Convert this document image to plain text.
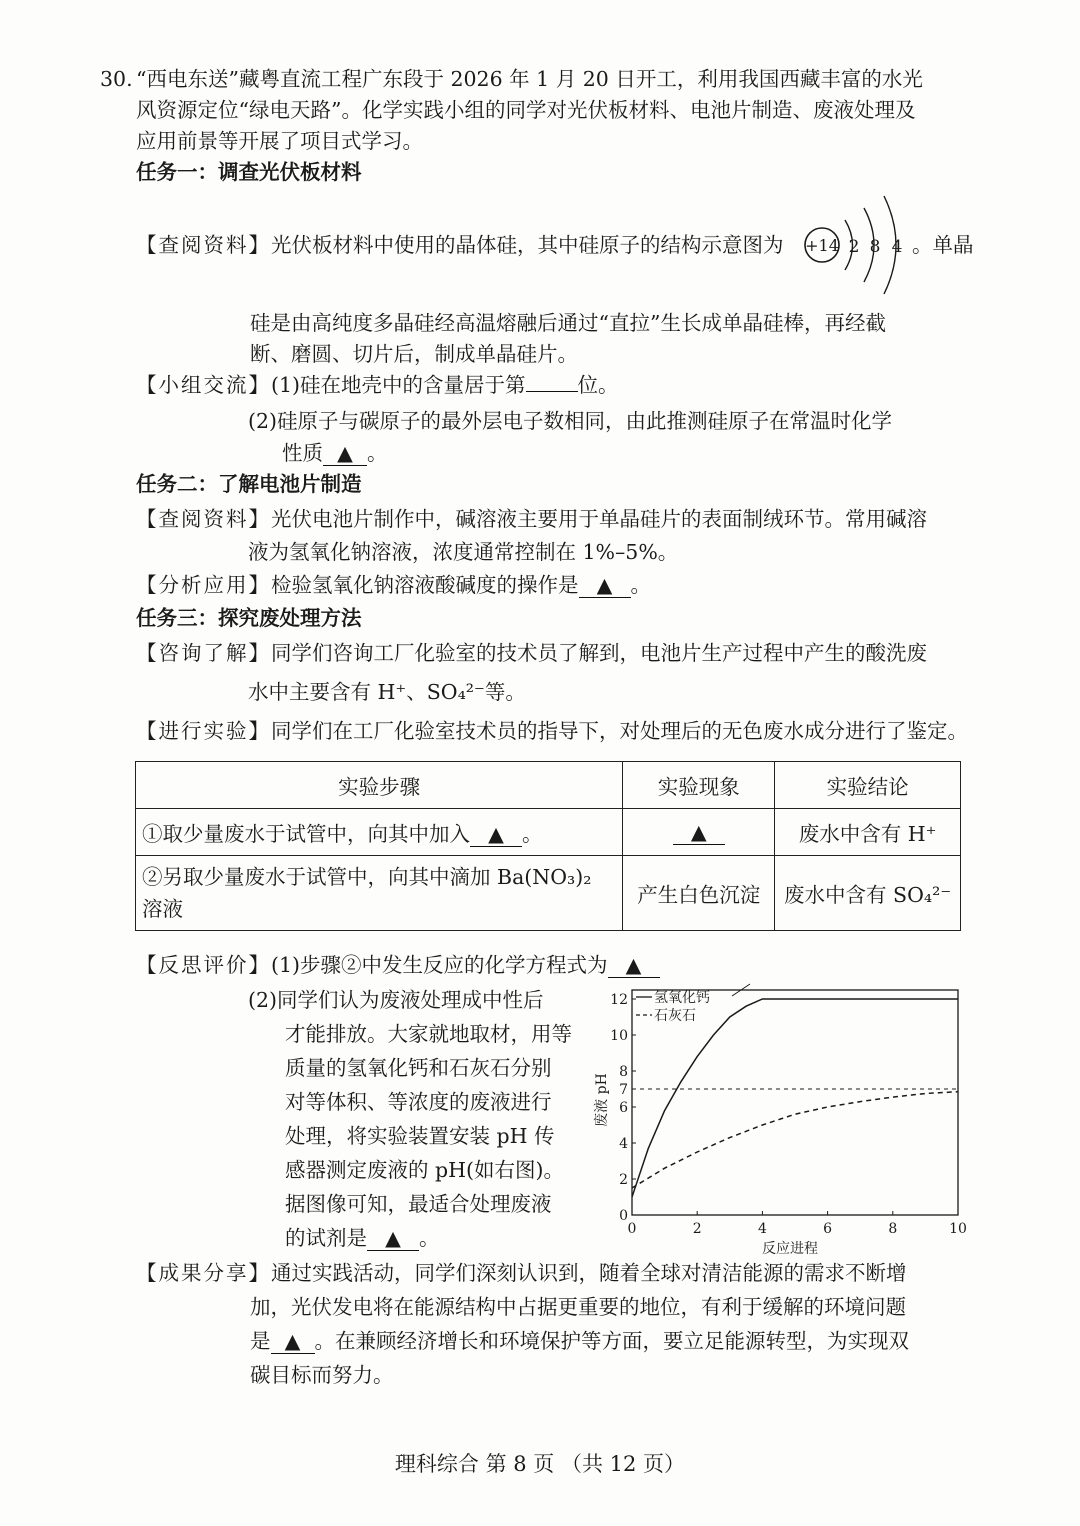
30. “西电东送”藏粤直流工程广东段于 2026 年 1 月 20 日开工，利用我国西藏丰富的水光
风资源定位“绿电天路”。化学实践小组的同学对光伏板材料、电池片制造、废液处理及
应用前景等开展了项目式学习。
任务一：调查光伏板材料
【查阅资料】光伏板材料中使用的晶体硅，其中硅原子的结构示意图为 +14 2 8 4 。单晶
硅是由高纯度多晶硅经高温熔融后通过“直拉”生长成单晶硅棒，再经截
断、磨圆、切片后，制成单晶硅片。
【小组交流】(1)硅在地壳中的含量居于第	位。
(2)硅原子与碳原子的最外层电子数相同，由此推测硅原子在常温时化学
性质 ▲ 。
任务二：了解电池片制造
【查阅资料】光伏电池片制作中，碱溶液主要用于单晶硅片的表面制绒环节。常用碱溶
液为氢氧化钠溶液，浓度通常控制在 1%–5%。
【分析应用】检验氢氧化钠溶液酸碱度的操作是 ▲ 。
任务三：探究废处理方法
【咨询了解】同学们咨询工厂化验室的技术员了解到，电池片生产过程中产生的酸洗废
水中主要含有 H⁺、SO₄²⁻等。
【进行实验】同学们在工厂化验室技术员的指导下，对处理后的无色废水成分进行了鉴定。
实验步骤	实验现象	实验结论
①取少量废水于试管中，向其中加入 ▲ 。	▲	废水中含有 H⁺
②另取少量废水于试管中，向其中滴加 Ba(NO₃)₂
溶液	产生白色沉淀	废水中含有 SO₄²⁻
【反思评价】(1)步骤②中发生反应的化学方程式为 ▲
(2)同学们认为废液处理成中性后
才能排放。大家就地取材，用等
质量的氢氧化钙和石灰石分别
对等体积、等浓度的废液进行
处理，将实验装置安装 pH 传
感器测定废液的 pH(如右图)。
据图像可知，最适合处理废液
的试剂是 ▲ 。	0	2	4	6	8	10
0
2
4
6
7
8
10
12 氢氧化钙
石灰石
反应进程
废液 pH
【成果分享】通过实践活动，同学们深刻认识到，随着全球对清洁能源的需求不断增
加，光伏发电将在能源结构中占据更重要的地位，有利于缓解的环境问题
是 ▲ 。在兼顾经济增长和环境保护等方面，要立足能源转型，为实现双
碳目标而努力。
理科综合 第 8 页 （共 12 页）
